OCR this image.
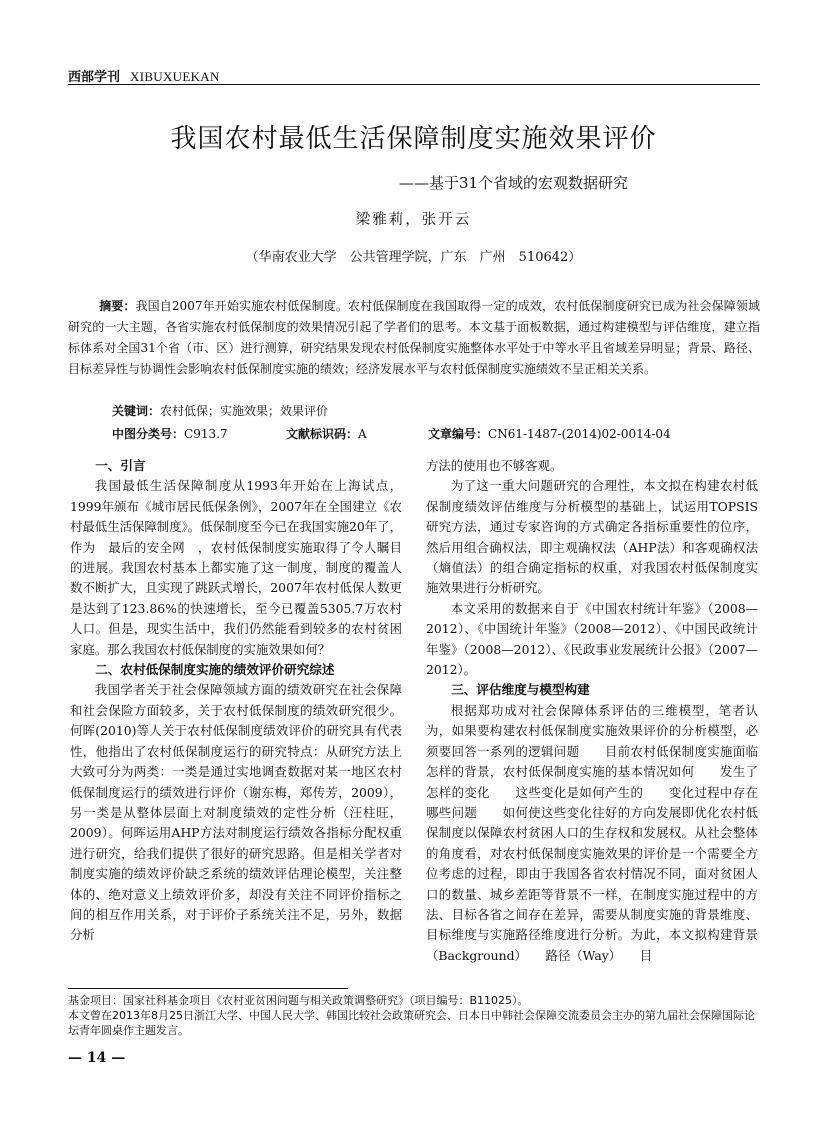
西部学刊 XIBUXUEKAN
我国农村最低生活保障制度实施效果评价
——基于31个省域的宏观数据研究
梁雅莉，张开云
（华南农业大学　公共管理学院，广东　广州　510642）
摘要：我国自2007年开始实施农村低保制度。农村低保制度在我国取得一定的成效，农村低保制度研究已成为社会保障领域研究的一大主题，各省实施农村低保制度的效果情况引起了学者们的思考。本文基于面板数据，通过构建模型与评估维度，建立指标体系对全国31个省（市、区）进行测算，研究结果发现农村低保制度实施整体水平处于中等水平且省域差异明显；背景、路径、目标差异性与协调性会影响农村低保制度实施的绩效；经济发展水平与农村低保制度实施绩效不呈正相关关系。
关键词：农村低保；实施效果；效果评价
中图分类号：C913.7	文献标识码：A	文章编号：CN61-1487-(2014)02-0014-04
一、引言

我国最低生活保障制度从1993年开始在上海试点，1999年颁布《城市居民低保条例》，2007年在全国建立《农村最低生活保障制度》。低保制度至今已在我国实施20年了，作为　最后的安全网　，农村低保制度实施取得了令人瞩目的进展。我国农村基本上都实施了这一制度，制度的覆盖人数不断扩大，且实现了跳跃式增长，2007年农村低保人数更是达到了123.86%的快速增长，至今已覆盖5305.7万农村人口。但是，现实生活中，我们仍然能看到较多的农村贫困家庭。那么我国农村低保制度的实施效果如何？

二、农村低保制度实施的绩效评价研究综述

我国学者关于社会保障领域方面的绩效研究在社会保障和社会保险方面较多，关于农村低保制度的绩效研究很少。何晖(2010)等人关于农村低保制度绩效评价的研究具有代表性，他指出了农村低保制度运行的研究特点：从研究方法上大致可分为两类：一类是通过实地调查数据对某一地区农村低保制度运行的绩效进行评价（谢东梅，郑传芳，2009），另一类是从整体层面上对制度绩效的定性分析（汪柱旺，2009）。何晖运用AHP方法对制度运行绩效各指标分配权重进行研究，给我们提供了很好的研究思路。但是相关学者对制度实施的绩效评价缺乏系统的绩效评估理论模型，关注整体的、绝对意义上绩效评价多，却没有关注不同评价指标之间的相互作用关系，对于评价子系统关注不足，另外，数据分析

方法的使用也不够客观。

为了这一重大问题研究的合理性，本文拟在构建农村低保制度绩效评估维度与分析模型的基础上，试运用TOPSIS研究方法，通过专家咨询的方式确定各指标重要性的位序，然后用组合确权法，即主观确权法（AHP法）和客观确权法（熵值法）的组合确定指标的权重，对我国农村低保制度实施效果进行分析研究。

本文采用的数据来自于《中国农村统计年鉴》（2008—2012）、《中国统计年鉴》（2008—2012）、《中国民政统计年鉴》（2008—2012）、《民政事业发展统计公报》（2007—2012）。

三、评估维度与模型构建

根据郑功成对社会保障体系评估的三维模型，笔者认为，如果要构建农村低保制度实施效果评价的分析模型，必须要回答一系列的逻辑问题　　目前农村低保制度实施面临怎样的背景，农村低保制度实施的基本情况如何　　发生了怎样的变化　　这些变化是如何产生的　　变化过程中存在哪些问题　　如何使这些变化往好的方向发展即优化农村低保制度以保障农村贫困人口的生存权和发展权。从社会整体的角度看，对农村低保制度实施效果的评价是一个需要全方位考虑的过程，即由于我国各省农村情况不同，面对贫困人口的数量、城乡差距等背景不一样，在制度实施过程中的方法、目标各省之间存在差异，需要从制度实施的背景维度、目标维度与实施路径维度进行分析。为此，本文拟构建背景（Background）　　路径（Way）　　目

基金项目：国家社科基金项目《农村亚贫困问题与相关政策调整研究》（项目编号：B11025）。

本文曾在2013年8月25日浙江大学、中国人民大学、韩国比较社会政策研究会、日本日中韩社会保障交流委员会主办的第九届社会保障国际论坛青年圆桌作主题发言。

— 14 —
